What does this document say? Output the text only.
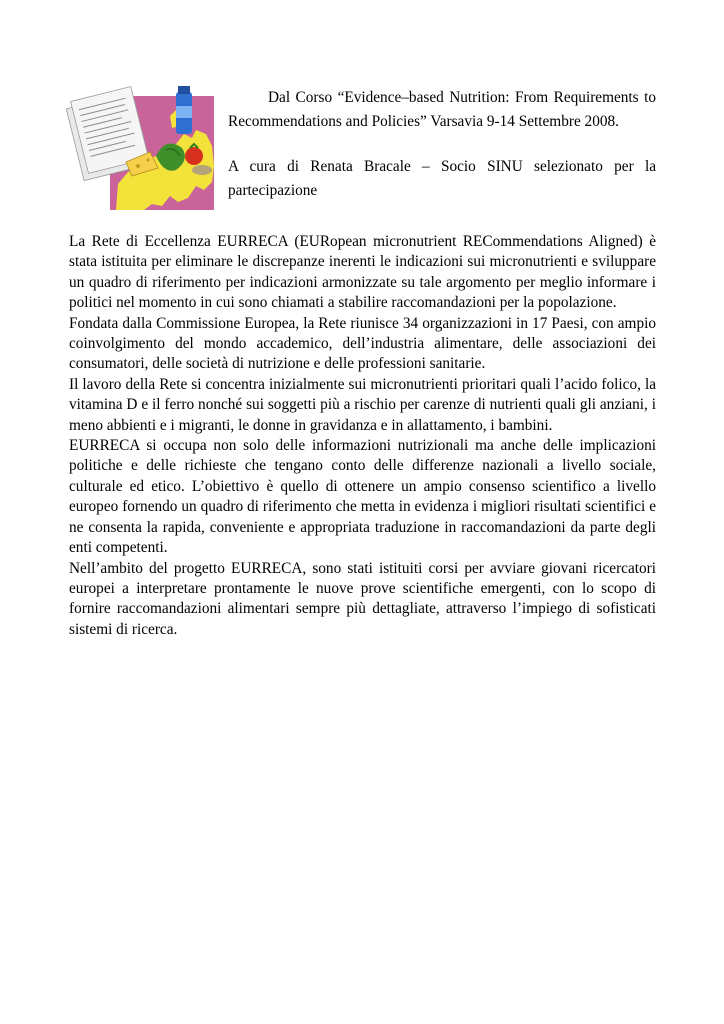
Dal Corso “Evidence–based Nutrition: From Requirements to Recommendations and Policies” Varsavia 9-14 Settembre 2008.

A cura di Renata Bracale – Socio SINU selezionato per la partecipazione

La Rete di Eccellenza EURRECA (EURopean micronutrient RECommendations Aligned) è stata istituita per eliminare le discrepanze inerenti le indicazioni sui micronutrienti e sviluppare un quadro di riferimento per indicazioni armonizzate su tale argomento per meglio informare i politici nel momento in cui sono chiamati a stabilire raccomandazioni per la popolazione.

Fondata dalla Commissione Europea, la Rete riunisce 34 organizzazioni in 17 Paesi, con ampio coinvolgimento del mondo accademico, dell’industria alimentare, delle associazioni dei consumatori, delle società di nutrizione e delle professioni sanitarie.

Il lavoro della Rete si concentra inizialmente sui micronutrienti prioritari quali l’acido folico, la vitamina D e il ferro nonché sui soggetti più a rischio per carenze di nutrienti quali gli anziani, i meno abbienti e i migranti, le donne in gravidanza e in allattamento, i bambini.

EURRECA si occupa non solo delle informazioni nutrizionali ma anche delle implicazioni politiche e delle richieste che tengano conto delle differenze nazionali a livello sociale, culturale ed etico. L’obiettivo è quello di ottenere un ampio consenso scientifico a livello europeo fornendo un quadro di riferimento che metta in evidenza i migliori risultati scientifici e ne consenta la rapida, conveniente e appropriata traduzione in raccomandazioni da parte degli enti competenti.

Nell’ambito del progetto EURRECA, sono stati istituiti corsi per avviare giovani ricercatori europei a interpretare prontamente le nuove prove scientifiche emergenti, con lo scopo di fornire raccomandazioni alimentari sempre più dettagliate, attraverso l’impiego di sofisticati sistemi di ricerca.
